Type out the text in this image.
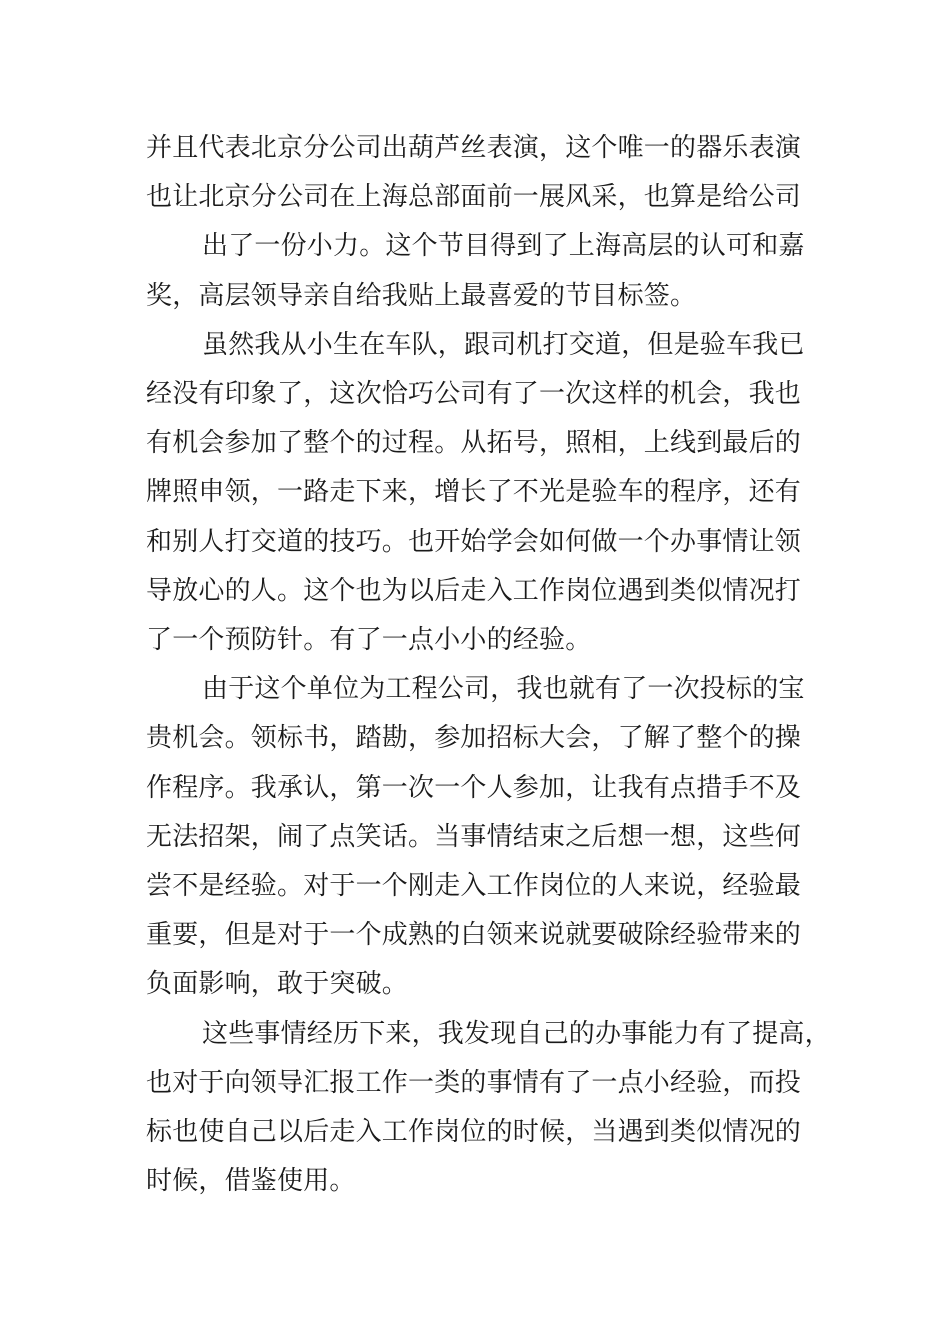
并且代表北京分公司出葫芦丝表演，这个唯一的器乐表演
也让北京分公司在上海总部面前一展风采，也算是给公司
出了一份小力。这个节目得到了上海高层的认可和嘉
奖，高层领导亲自给我贴上最喜爱的节目标签。
虽然我从小生在车队，跟司机打交道，但是验车我已
经没有印象了，这次恰巧公司有了一次这样的机会，我也
有机会参加了整个的过程。从拓号，照相，上线到最后的
牌照申领，一路走下来，增长了不光是验车的程序，还有
和别人打交道的技巧。也开始学会如何做一个办事情让领
导放心的人。这个也为以后走入工作岗位遇到类似情况打
了一个预防针。有了一点小小的经验。
由于这个单位为工程公司，我也就有了一次投标的宝
贵机会。领标书，踏勘，参加招标大会，了解了整个的操
作程序。我承认，第一次一个人参加，让我有点措手不及
无法招架，闹了点笑话。当事情结束之后想一想，这些何
尝不是经验。对于一个刚走入工作岗位的人来说，经验最
重要，但是对于一个成熟的白领来说就要破除经验带来的
负面影响，敢于突破。
这些事情经历下来，我发现自己的办事能力有了提高，
也对于向领导汇报工作一类的事情有了一点小经验，而投
标也使自己以后走入工作岗位的时候，当遇到类似情况的
时候，借鉴使用。
